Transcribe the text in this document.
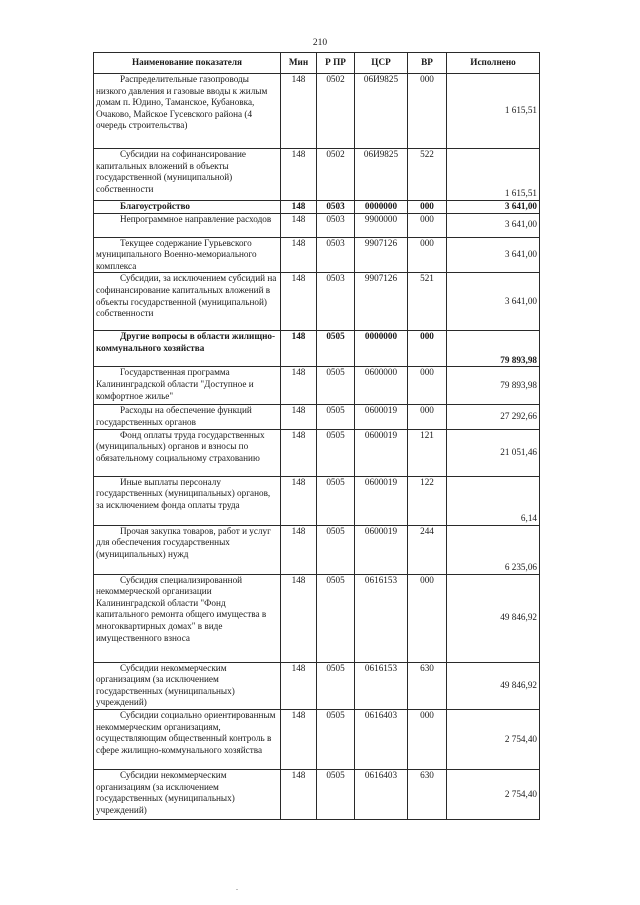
210
Наименование показателя	Мин	Р ПР	ЦСР	ВР	Исполнено
Распределительные газопроводы низкого давления и газовые вводы к жилым домам п. Юдино, Таманское, Кубановка, Очаково, Майское Гусевского района (4 очередь строительства)	148	0502	06И9825	000	1 615,51
Субсидии на софинансирование капитальных вложений в объекты государственной (муниципальной) собственности	148	0502	06И9825	522	1 615,51
Благоустройство	148	0503	0000000	000	3 641,00
Непрограммное направление расходов	148	0503	9900000	000	3 641,00
Текущее содержание Гурьевского муниципального Военно-мемориального комплекса	148	0503	9907126	000	3 641,00
Субсидии, за исключением субсидий на софинансирование капитальных вложений в объекты государственной (муниципальной) собственности	148	0503	9907126	521	3 641,00
Другие вопросы в области жилищно-коммунального хозяйства	148	0505	0000000	000	79 893,98
Государственная программа Калининградской области "Доступное и комфортное жилье"	148	0505	0600000	000	79 893,98
Расходы на обеспечение функций государственных органов	148	0505	0600019	000	27 292,66
Фонд оплаты труда государственных (муниципальных) органов и взносы по обязательному социальному страхованию	148	0505	0600019	121	21 051,46
Иные выплаты персоналу государственных (муниципальных) органов, за исключением фонда оплаты труда	148	0505	0600019	122	6,14
Прочая закупка товаров, работ и услуг для обеспечения государственных (муниципальных) нужд	148	0505	0600019	244	6 235,06
Субсидия специализированной некоммерческой организации Калининградской области "Фонд капитального ремонта общего имущества в многоквартирных домах" в виде имущественного взноса	148	0505	0616153	000	49 846,92
Субсидии некоммерческим организациям (за исключением государственных (муниципальных) учреждений)	148	0505	0616153	630	49 846,92
Субсидии социально ориентированным некоммерческим организациям, осуществляющим общественный контроль в сфере жилищно-коммунального хозяйства	148	0505	0616403	000	2 754,40
Субсидии некоммерческим организациям (за исключением государственных (муниципальных) учреждений)	148	0505	0616403	630	2 754,40
.
